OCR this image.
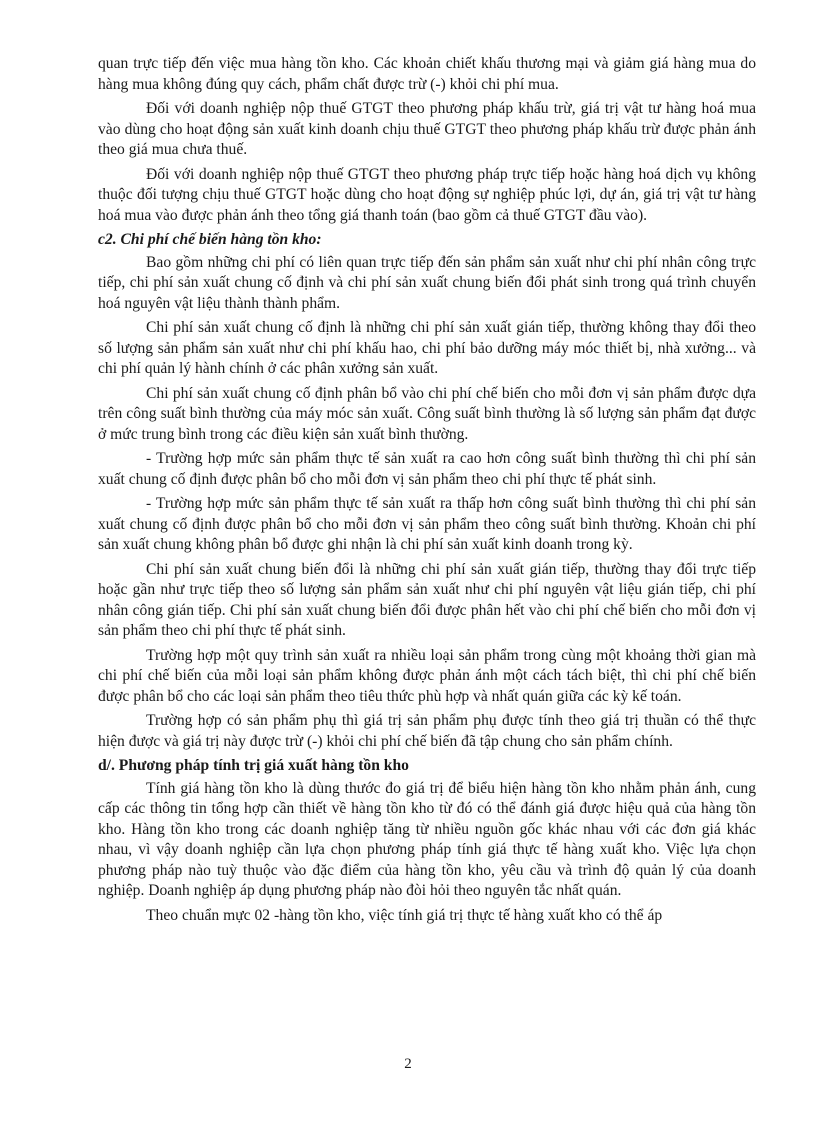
quan trực tiếp đến việc mua hàng tồn kho. Các khoản chiết khấu thương mại và giảm giá hàng mua do hàng mua không đúng quy cách, phẩm chất được trừ (-) khỏi chi phí mua.

Đối với doanh nghiệp nộp thuế GTGT theo phương pháp khấu trừ, giá trị vật tư hàng hoá mua vào dùng cho hoạt động sản xuất kinh doanh chịu thuế GTGT theo phương pháp khấu trừ được phản ánh theo giá mua chưa thuế.

Đối với doanh nghiệp nộp thuế GTGT theo phương pháp trực tiếp hoặc hàng hoá dịch vụ không thuộc đối tượng chịu thuế GTGT hoặc dùng cho hoạt động sự nghiệp phúc lợi, dự án, giá trị vật tư hàng hoá mua vào được phản ánh theo tổng giá thanh toán (bao gồm cả thuế GTGT đầu vào).

c2. Chi phí chế biến hàng tồn kho:

Bao gồm những chi phí có liên quan trực tiếp đến sản phẩm sản xuất như chi phí nhân công trực tiếp, chi phí sản xuất chung cố định và chi phí sản xuất chung biến đổi phát sinh trong quá trình chuyển hoá nguyên vật liệu thành thành phẩm.

Chi phí sản xuất chung cố định là những chi phí sản xuất gián tiếp, thường không thay đổi theo số lượng sản phẩm sản xuất như chi phí khấu hao, chi phí bảo dưỡng máy móc thiết bị, nhà xưởng... và chi phí quản lý hành chính ở các phân xưởng sản xuất.

Chi phí sản xuất chung cố định phân bổ vào chi phí chế biến cho mỗi đơn vị sản phẩm được dựa trên công suất bình thường của máy móc sản xuất. Công suất bình thường là số lượng sản phẩm đạt được ở mức trung bình trong các điều kiện sản xuất bình thường.

- Trường hợp mức sản phẩm thực tế sản xuất ra cao hơn công suất bình thường thì chi phí sản xuất chung cố định được phân bổ cho mỗi đơn vị sản phẩm theo chi phí thực tế phát sinh.

- Trường hợp mức sản phẩm thực tế sản xuất ra thấp hơn công suất bình thường thì chi phí sản xuất chung cố định được phân bổ cho mỗi đơn vị sản phẩm theo công suất bình thường. Khoản chi phí sản xuất chung không phân bổ được ghi nhận là chi phí sản xuất kinh doanh trong kỳ.

Chi phí sản xuất chung biến đổi là những chi phí sản xuất gián tiếp, thường thay đổi trực tiếp hoặc gần như trực tiếp theo số lượng sản phẩm sản xuất như chi phí nguyên vật liệu gián tiếp, chi phí nhân công gián tiếp. Chi phí sản xuất chung biến đổi được phân hết vào chi phí chế biến cho mỗi đơn vị sản phẩm theo chi phí thực tế phát sinh.

Trường hợp một quy trình sản xuất ra nhiều loại sản phẩm trong cùng một khoảng thời gian mà chi phí chế biến của mỗi loại sản phẩm không được phản ánh một cách tách biệt, thì chi phí chế biến được phân bổ cho các loại sản phẩm theo tiêu thức phù hợp và nhất quán giữa các kỳ kế toán.

Trường hợp có sản phẩm phụ thì giá trị sản phẩm phụ được tính theo giá trị thuần có thể thực hiện được và giá trị này được trừ (-) khỏi chi phí chế biến đã tập chung cho sản phẩm chính.

d/. Phương pháp tính trị giá xuất hàng tồn kho

Tính giá hàng tồn kho là dùng thước đo giá trị để biểu hiện hàng tồn kho nhằm phản ánh, cung cấp các thông tin tổng hợp cần thiết về hàng tồn kho từ đó có thể đánh giá được hiệu quả của hàng tồn kho. Hàng tồn kho trong các doanh nghiệp tăng từ nhiều nguồn gốc khác nhau với các đơn giá khác nhau, vì vậy doanh nghiệp cần lựa chọn phương pháp tính giá thực tế hàng xuất kho. Việc lựa chọn phương pháp nào tuỳ thuộc vào đặc điểm của hàng tồn kho, yêu cầu và trình độ quản lý của doanh nghiệp. Doanh nghiệp áp dụng phương pháp nào đòi hỏi theo nguyên tắc nhất quán.

Theo chuẩn mực 02 -hàng tồn kho, việc tính giá trị thực tế hàng xuất kho có thể áp

2
